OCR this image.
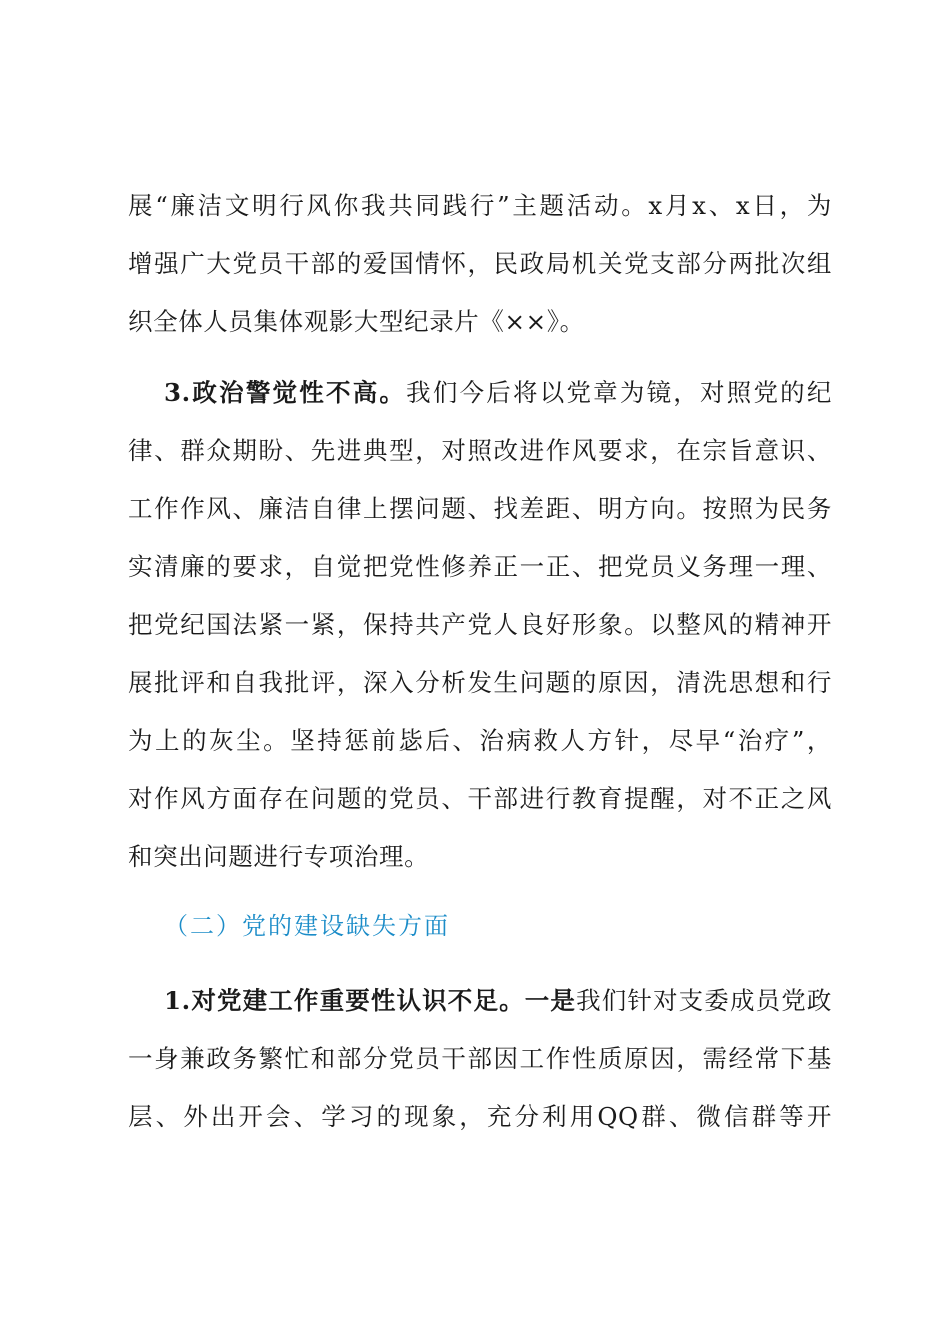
展“廉洁文明行风你我共同践行”主题活动。x月x、x日，为
增强广大党员干部的爱国情怀，民政局机关党支部分两批次组
织全体人员集体观影大型纪录片《××》。
3.政治警觉性不高。我们今后将以党章为镜，对照党的纪
律、群众期盼、先进典型，对照改进作风要求，在宗旨意识、
工作作风、廉洁自律上摆问题、找差距、明方向。按照为民务
实清廉的要求，自觉把党性修养正一正、把党员义务理一理、
把党纪国法紧一紧，保持共产党人良好形象。以整风的精神开
展批评和自我批评，深入分析发生问题的原因，清洗思想和行
为上的灰尘。坚持惩前毖后、治病救人方针，尽早“治疗”，
对作风方面存在问题的党员、干部进行教育提醒，对不正之风
和突出问题进行专项治理。
（二）党的建设缺失方面
1.对党建工作重要性认识不足。一是我们针对支委成员党政
一身兼政务繁忙和部分党员干部因工作性质原因，需经常下基
层、外出开会、学习的现象，充分利用QQ群、微信群等开
